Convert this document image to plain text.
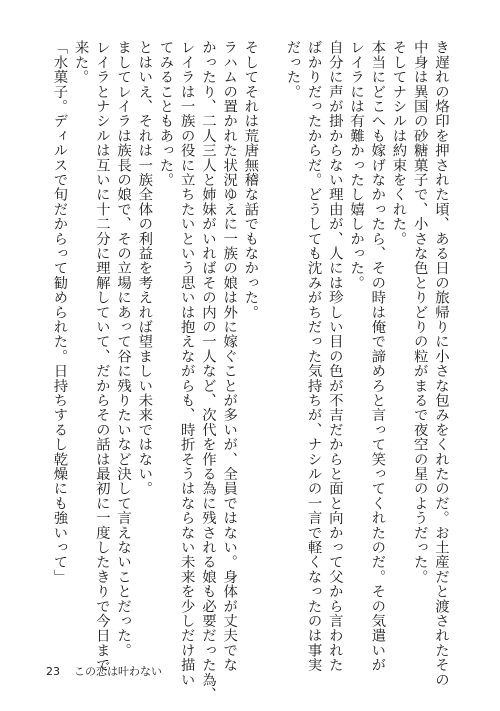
き遅れの烙印を押された頃、ある日の旅帰りに小さな包みをくれたのだ。お土産だと渡されたその
中身は異国の砂糖菓子で、小さな色とりどりの粒がまるで夜空の星のようだった。
そしてナシルは約束をくれた。
本当にどこへも嫁げなかったら、その時は俺で諦めろと言って笑ってくれたのだ。その気遣いが
レイラには有難かったし嬉しかった。
自分に声が掛からない理由が、人には珍しい目の色が不吉だからと面と向かって父から言われた
ばかりだったからだ。どうしても沈みがちだった気持ちが、ナシルの一言で軽くなったのは事実
だった。
そしてそれは荒唐無稽な話でもなかった。
ラハムの置かれた状況ゆえに一族の娘は外に嫁ぐことが多いが、全員ではない。身体が丈夫でな
かったり、二人三人と姉妹がいればその内の一人など、次代を作る為に残される娘も必要だった為、
レイラは一族の役に立ちたいという思いは抱えながらも、時折そうはならない未来を少しだけ描い
てみることもあった。
とはいえ、それは一族全体の利益を考えれば望ましい未来ではない。
ましてレイラは族長の娘で、その立場にあって谷に残りたいなど決して言えないことだった。
レイラとナシルは互いに十二分に理解していて、だからその話は最初に一度したきりで今日まで
来た。
「水菓子。ディルスで旬だからって勧められた。日持ちするし乾燥にも強いって」
23 この恋は叶わない
